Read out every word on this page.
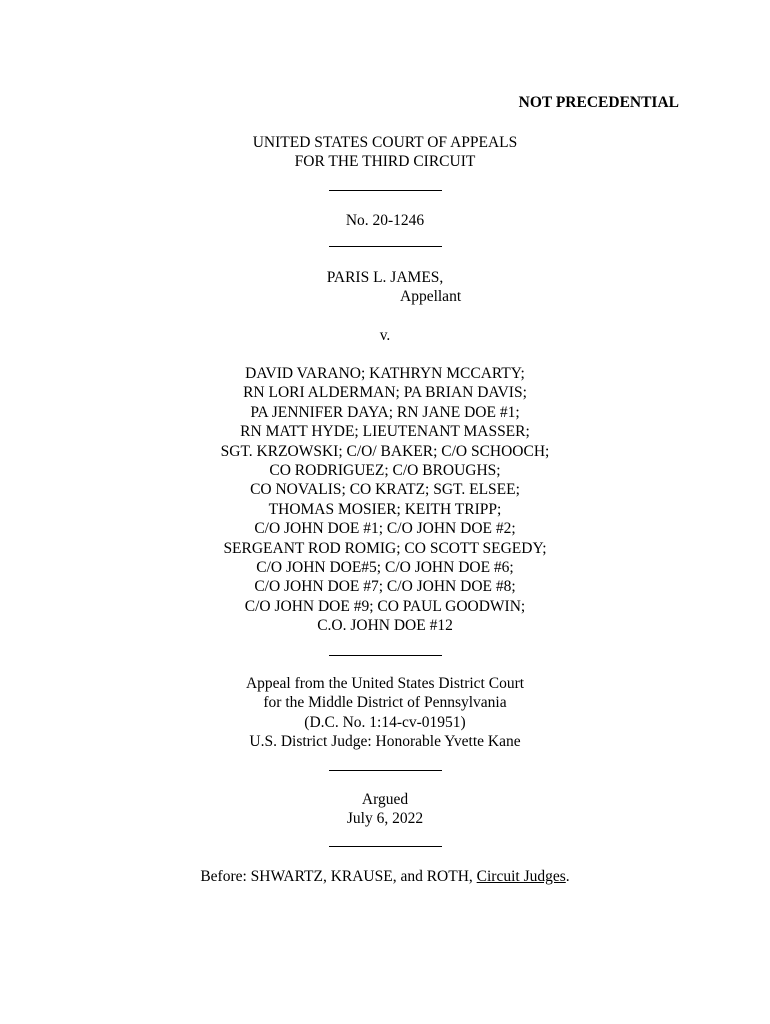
NOT PRECEDENTIAL
UNITED STATES COURT OF APPEALS
FOR THE THIRD CIRCUIT
No. 20-1246
PARIS L. JAMES,
Appellant
v.
DAVID VARANO; KATHRYN MCCARTY;
RN LORI ALDERMAN; PA BRIAN DAVIS;
PA JENNIFER DAYA; RN JANE DOE #1;
RN MATT HYDE; LIEUTENANT MASSER;
SGT. KRZOWSKI; C/O/ BAKER; C/O SCHOOCH;
CO RODRIGUEZ; C/O BROUGHS;
CO NOVALIS; CO KRATZ; SGT. ELSEE;
THOMAS MOSIER; KEITH TRIPP;
C/O JOHN DOE #1; C/O JOHN DOE #2;
SERGEANT ROD ROMIG; CO SCOTT SEGEDY;
C/O JOHN DOE#5; C/O JOHN DOE #6;
C/O JOHN DOE #7; C/O JOHN DOE #8;
C/O JOHN DOE #9; CO PAUL GOODWIN;
C.O. JOHN DOE #12
Appeal from the United States District Court
for the Middle District of Pennsylvania
(D.C. No. 1:14-cv-01951)
U.S. District Judge: Honorable Yvette Kane
Argued
July 6, 2022
Before: SHWARTZ, KRAUSE, and ROTH, Circuit Judges.
